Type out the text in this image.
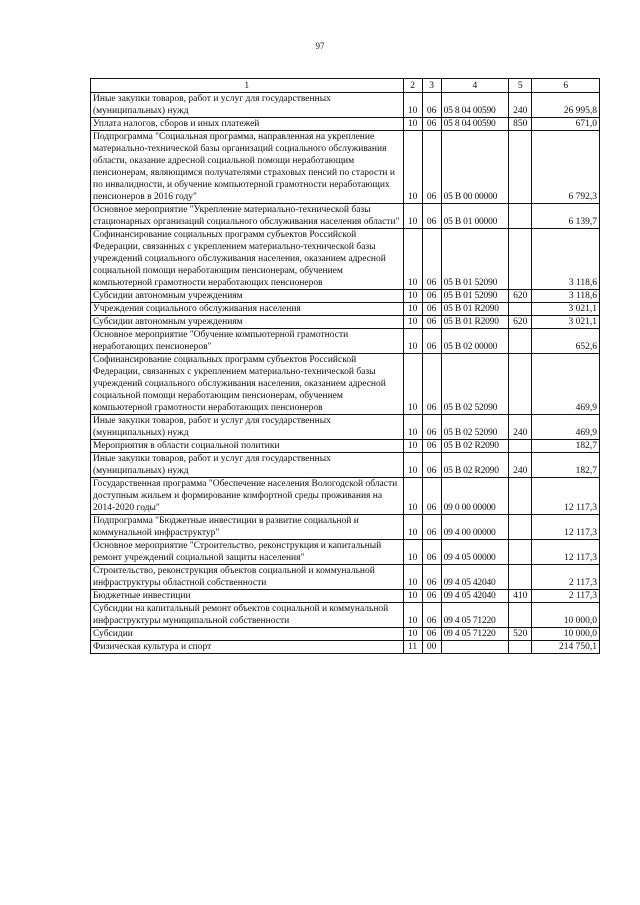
97
1	2	3	4	5	6
Иные закупки товаров, работ и услуг для государственных (муниципальных) нужд	10	06	05 8 04 00590	240	26 995,8
Уплата налогов, сборов и иных платежей	10	06	05 8 04 00590	850	671,0
Подпрограмма "Социальная программа, направленная на укрепление материально-технической базы организаций социального обслуживания области, оказание адресной социальной помощи неработающим пенсионерам, являющимся получателями страховых пенсий по старости и по инвалидности, и обучение компьютерной грамотности неработающих пенсионеров в 2016 году"	10	06	05 В 00 00000		6 792,3
Основное мероприятие "Укрепление материально-технической базы стационарных организаций социального обслуживания населения области"	10	06	05 В 01 00000		6 139,7
Софинансирование социальных программ субъектов Российской Федерации, связанных с укреплением материально-технической базы учреждений социального обслуживания населения, оказанием адресной социальной помощи неработающим пенсионерам, обучением компьютерной грамотности неработающих пенсионеров	10	06	05 В 01 52090		3 118,6
Субсидии автономным учреждениям	10	06	05 В 01 52090	620	3 118,6
Учреждения социального обслуживания населения	10	06	05 В 01 R2090		3 021,1
Субсидии автономным учреждениям	10	06	05 В 01 R2090	620	3 021,1
Основное мероприятие "Обучение компьютерной грамотности неработающих пенсионеров"	10	06	05 В 02 00000		652,6
Софинансирование социальных программ субъектов Российской Федерации, связанных с укреплением материально-технической базы учреждений социального обслуживания населения, оказанием адресной социальной помощи неработающим пенсионерам, обучением компьютерной грамотности неработающих пенсионеров	10	06	05 В 02 52090		469,9
Иные закупки товаров, работ и услуг для государственных (муниципальных) нужд	10	06	05 В 02 52090	240	469,9
Мероприятия в области социальной политики	10	06	05 В 02 R2090		182,7
Иные закупки товаров, работ и услуг для государственных (муниципальных) нужд	10	06	05 В 02 R2090	240	182,7
Государственная программа "Обеспечение населения Вологодской области доступным жильем и формирование комфортной среды проживания на 2014-2020 годы"	10	06	09 0 00 00000		12 117,3
Подпрограмма "Бюджетные инвестиции в развитие социальной и коммунальной инфраструктур"	10	06	09 4 00 00000		12 117,3
Основное мероприятие "Строительство, реконструкция и капитальный ремонт учреждений социальной защиты населения"	10	06	09 4 05 00000		12 117,3
Строительство, реконструкция объектов социальной и коммунальной инфраструктуры областной собственности	10	06	09 4 05 42040		2 117,3
Бюджетные инвестиции	10	06	09 4 05 42040	410	2 117,3
Субсидии на капитальный ремонт объектов социальной и коммунальной инфраструктуры муниципальной собственности	10	06	09 4 05 71220		10 000,0
Субсидии	10	06	09 4 05 71220	520	10 000,0
Физическая культура и спорт	11	00			214 750,1
